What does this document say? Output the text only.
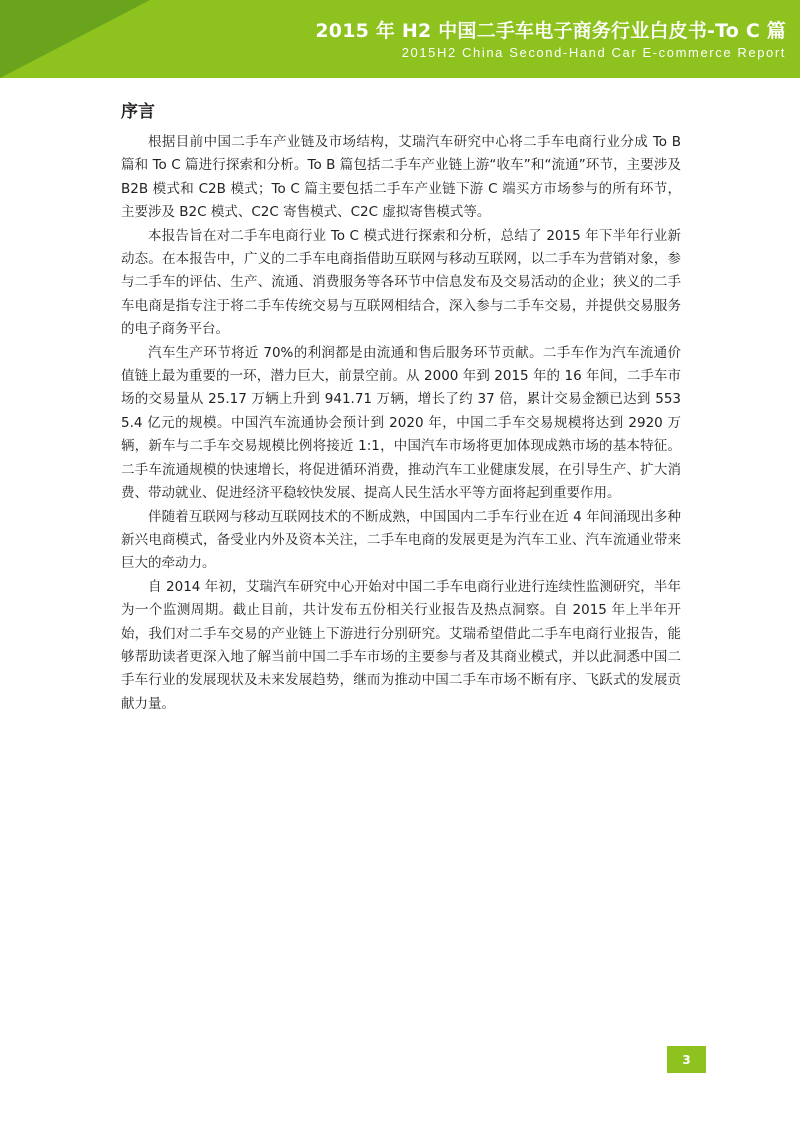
2015 年 H2 中国二手车电子商务行业白皮书-To C 篇
2015H2 China Second-Hand Car E-commerce Report
序言

根据目前中国二手车产业链及市场结构，艾瑞汽车研究中心将二手车电商行业分成 To B 篇和 To C 篇进行探索和分析。To B 篇包括二手车产业链上游“收车”和“流通”环节，主要涉及 B2B 模式和 C2B 模式；To C 篇主要包括二手车产业链下游 C 端买方市场参与的所有环节，主要涉及 B2C 模式、C2C 寄售模式、C2C 虚拟寄售模式等。

本报告旨在对二手车电商行业 To C 模式进行探索和分析，总结了 2015 年下半年行业新动态。在本报告中，广义的二手车电商指借助互联网与移动互联网，以二手车为营销对象，参与二手车的评估、生产、流通、消费服务等各环节中信息发布及交易活动的企业；狭义的二手车电商是指专注于将二手车传统交易与互联网相结合，深入参与二手车交易，并提供交易服务的电子商务平台。

汽车生产环节将近 70%的利润都是由流通和售后服务环节贡献。二手车作为汽车流通价值链上最为重要的一环，潜力巨大，前景空前。从 2000 年到 2015 年的 16 年间，二手车市场的交易量从 25.17 万辆上升到 941.71 万辆，增长了约 37 倍，累计交易金额已达到 5535.4 亿元的规模。中国汽车流通协会预计到 2020 年，中国二手车交易规模将达到 2920 万辆，新车与二手车交易规模比例将接近 1:1，中国汽车市场将更加体现成熟市场的基本特征。二手车流通规模的快速增长，将促进循环消费，推动汽车工业健康发展，在引导生产、扩大消费、带动就业、促进经济平稳较快发展、提高人民生活水平等方面将起到重要作用。

伴随着互联网与移动互联网技术的不断成熟，中国国内二手车行业在近 4 年间涌现出多种新兴电商模式，备受业内外及资本关注，二手车电商的发展更是为汽车工业、汽车流通业带来巨大的牵动力。

自 2014 年初，艾瑞汽车研究中心开始对中国二手车电商行业进行连续性监测研究，半年为一个监测周期。截止目前，共计发布五份相关行业报告及热点洞察。自 2015 年上半年开始，我们对二手车交易的产业链上下游进行分别研究。艾瑞希望借此二手车电商行业报告，能够帮助读者更深入地了解当前中国二手车市场的主要参与者及其商业模式，并以此洞悉中国二手车行业的发展现状及未来发展趋势，继而为推动中国二手车市场不断有序、飞跃式的发展贡献力量。

3
